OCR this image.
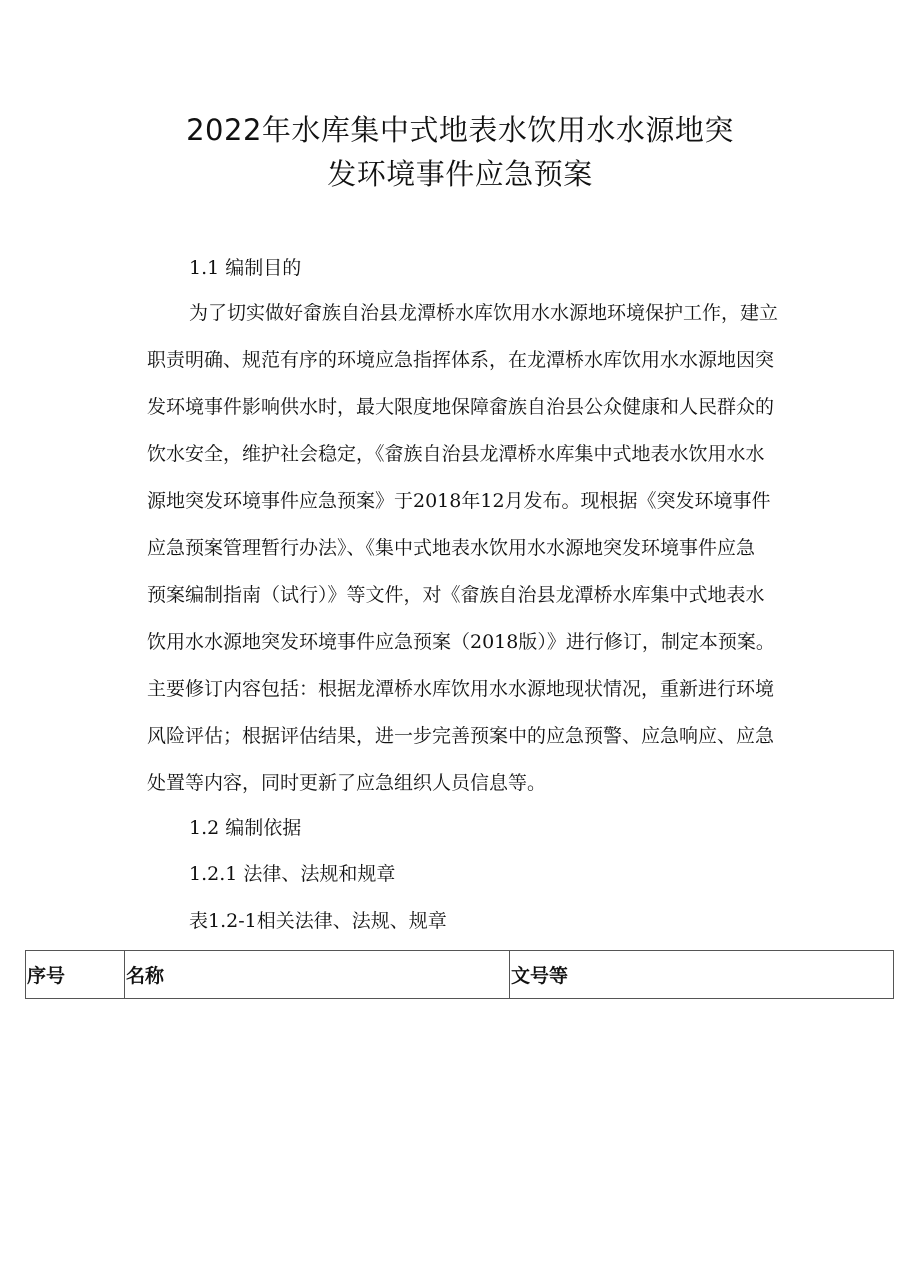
2022年水库集中式地表水饮用水水源地突
发环境事件应急预案

1.1 编制目的

为了切实做好畲族自治县龙潭桥水库饮用水水源地环境保护工作，建立
职责明确、规范有序的环境应急指挥体系，在龙潭桥水库饮用水水源地因突
发环境事件影响供水时，最大限度地保障畲族自治县公众健康和人民群众的
饮水安全，维护社会稳定，《畲族自治县龙潭桥水库集中式地表水饮用水水
源地突发环境事件应急预案》于2018年12月发布。现根据《突发环境事件
应急预案管理暂行办法》、《集中式地表水饮用水水源地突发环境事件应急
预案编制指南（试行）》等文件，对《畲族自治县龙潭桥水库集中式地表水
饮用水水源地突发环境事件应急预案（2018版）》进行修订，制定本预案。
主要修订内容包括：根据龙潭桥水库饮用水水源地现状情况，重新进行环境
风险评估；根据评估结果，进一步完善预案中的应急预警、应急响应、应急
处置等内容，同时更新了应急组织人员信息等。

1.2 编制依据

1.2.1 法律、法规和规章

表1.2-1相关法律、法规、规章

序号	名称	文号等
